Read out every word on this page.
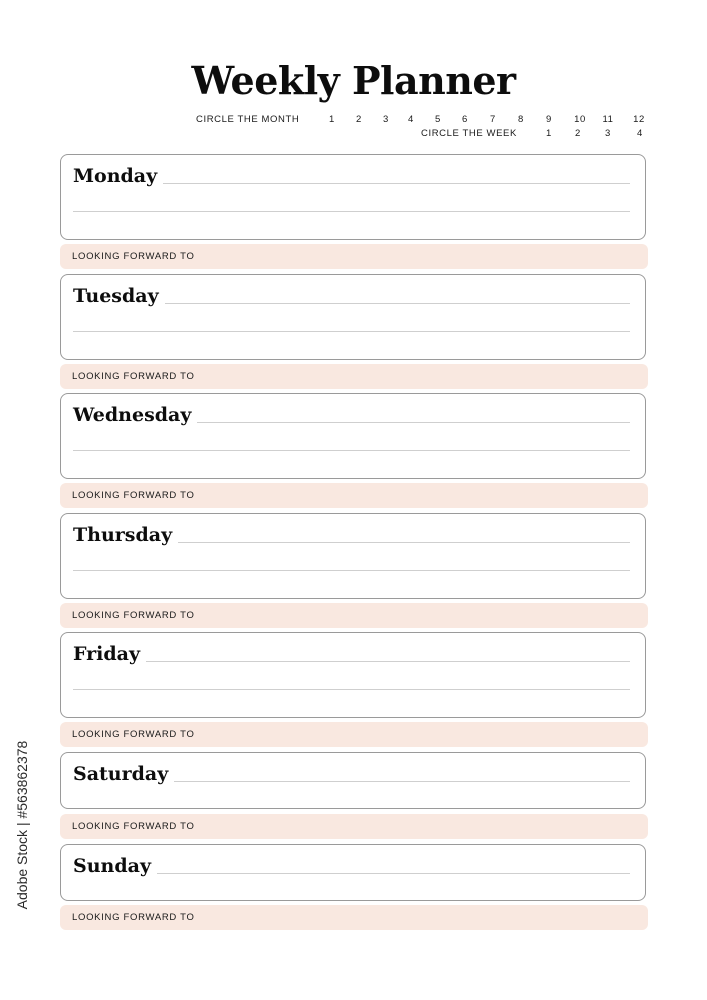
Weekly Planner
CIRCLE THE MONTH	1	2	3	4	5	6	7	8	9	10 11 12
CIRCLE THE WEEK	1	2	3	4
Monday
LOOKING FORWARD TO
Tuesday
LOOKING FORWARD TO
Wednesday
LOOKING FORWARD TO
Thursday
LOOKING FORWARD TO
Friday
LOOKING FORWARD TO
Saturday
LOOKING FORWARD TO
Sunday
LOOKING FORWARD TO
Adobe Stock | #563862378
